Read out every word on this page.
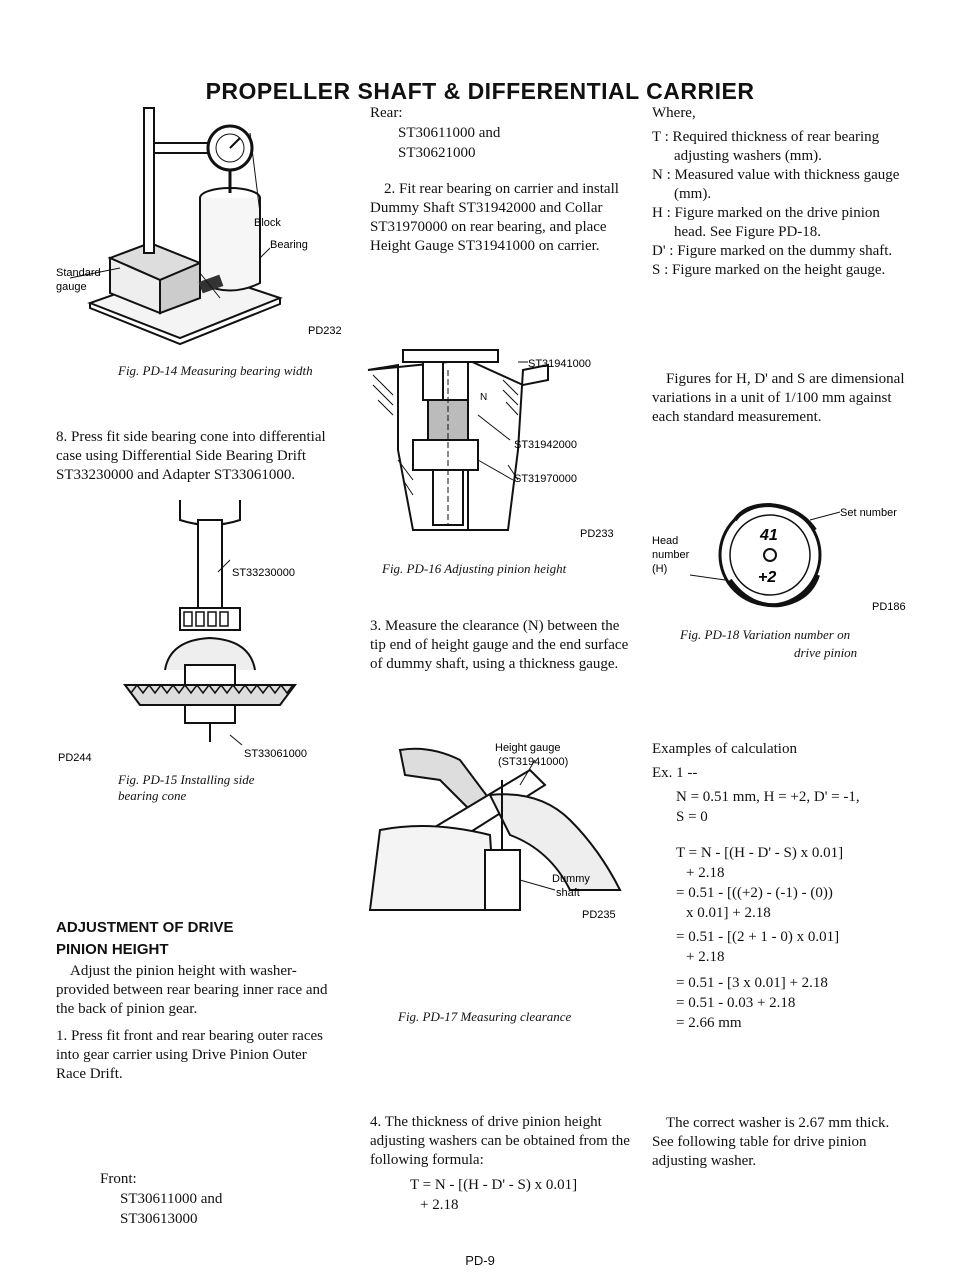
PROPELLER SHAFT & DIFFERENTIAL CARRIER
Block
Bearing
Standard
gauge
PD232
Fig. PD-14 Measuring bearing width
8. Press fit side bearing cone into differential case using Differential Side Bearing Drift ST33230000 and Adapter ST33061000.
ST33230000
ST33061000
PD244
Fig. PD-15 Installing side bearing cone
ADJUSTMENT OF DRIVE
PINION HEIGHT
Adjust the pinion height with washer-provided between rear bearing inner race and the back of pinion gear.
1. Press fit front and rear bearing outer races into gear carrier using Drive Pinion Outer Race Drift.
Front:
ST30611000 and
ST30613000
Rear:
ST30611000 and
ST30621000
2. Fit rear bearing on carrier and install Dummy Shaft ST31942000 and Collar ST31970000 on rear bearing, and place Height Gauge ST31941000 on carrier.
ST31941000
N
ST31942000
ST31970000
PD233
Fig. PD-16 Adjusting pinion height
3. Measure the clearance (N) between the tip end of height gauge and the end surface of dummy shaft, using a thickness gauge.
Height gauge
(ST31941000)
Dummy
shaft
PD235
Fig. PD-17 Measuring clearance
4. The thickness of drive pinion height adjusting washers can be obtained from the following formula:
T = N - [(H - D' - S) x 0.01]
+ 2.18
Where,
T : Required thickness of rear bearing adjusting washers (mm).
N : Measured value with thickness gauge (mm).
H : Figure marked on the drive pinion head. See Figure PD-18.
D' : Figure marked on the dummy shaft.
S : Figure marked on the height gauge.
Figures for H, D' and S are dimensional variations in a unit of 1/100 mm against each standard measurement.
41
+2
Set number
Head
number
(H)
PD186
Fig. PD-18 Variation number on
drive pinion
Examples of calculation
Ex. 1 --
N = 0.51 mm, H = +2, D' = -1,
S = 0
T = N - [(H - D' - S) x 0.01]
+ 2.18
= 0.51 - [((+2) - (-1) - (0))
x 0.01] + 2.18
= 0.51 - [(2 + 1 - 0) x 0.01]
+ 2.18
= 0.51 - [3 x 0.01] + 2.18
= 0.51 - 0.03 + 2.18
= 2.66 mm
The correct washer is 2.67 mm thick. See following table for drive pinion adjusting washer.
PD-9
